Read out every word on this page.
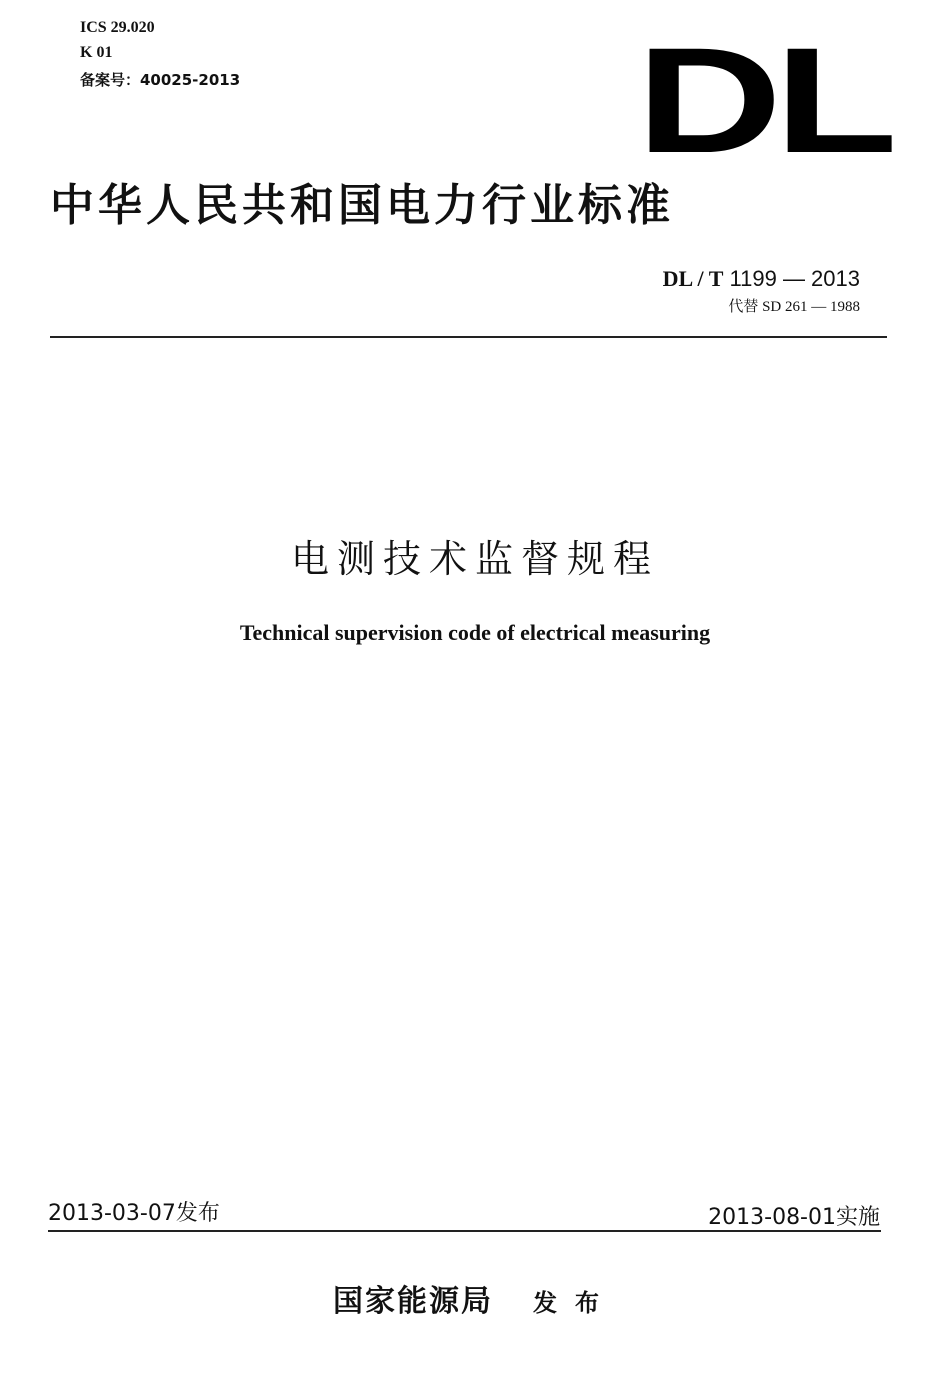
ICS 29.020
K 01
备案号：40025-2013	DL
中华人民共和国电力行业标准
DL / T 1199 — 2013
代替 SD 261 — 1988
电测技术监督规程
Technical supervision code of electrical measuring
2013-03-07发布	2013-08-01实施
国家能源局 发布
